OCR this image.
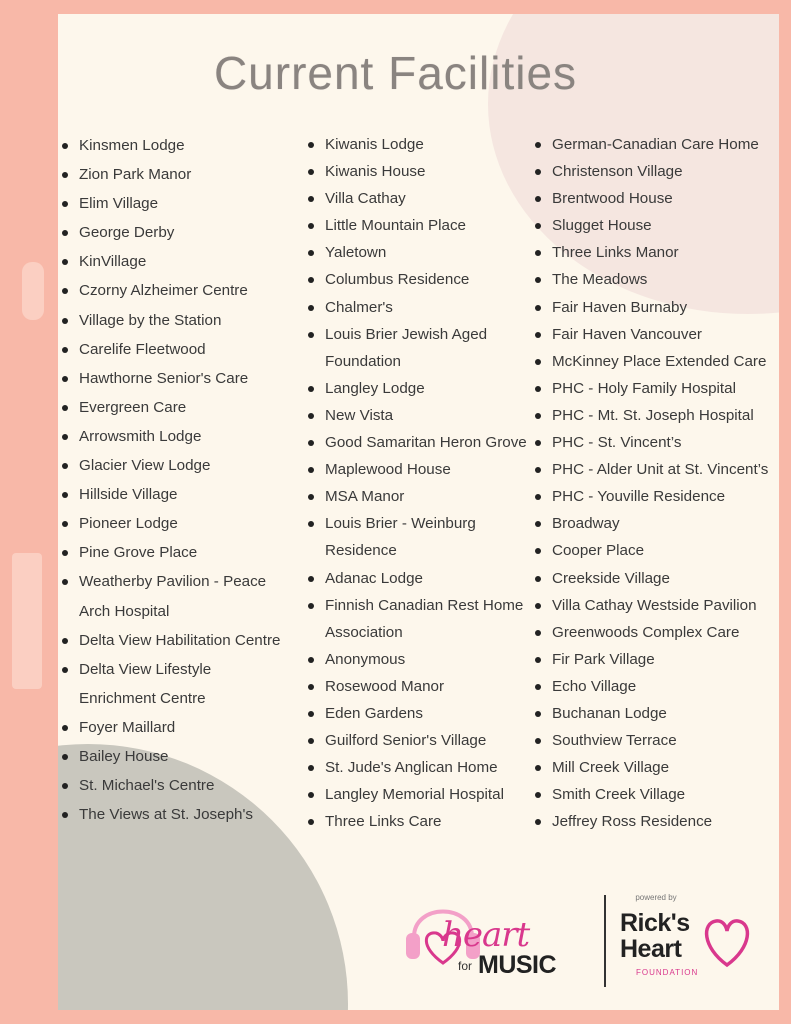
Current Facilities
Kinsmen Lodge
Zion Park Manor
Elim Village
George Derby
KinVillage
Czorny Alzheimer Centre
Village by the Station
Carelife Fleetwood
Hawthorne Senior's Care
Evergreen Care
Arrowsmith Lodge
Glacier View Lodge
Hillside Village
Pioneer Lodge
Pine Grove Place
Weatherby Pavilion - Peace
Arch Hospital
Delta View Habilitation Centre
Delta View Lifestyle
Enrichment Centre
Foyer Maillard
Bailey House
St. Michael's Centre
The Views at St. Joseph's
Kiwanis Lodge
Kiwanis House
Villa Cathay
Little Mountain Place
Yaletown
Columbus Residence
Chalmer's
Louis Brier Jewish Aged
Foundation
Langley Lodge
New Vista
Good Samaritan Heron Grove
Maplewood House
MSA Manor
Louis Brier - Weinburg
Residence
Adanac Lodge
Finnish Canadian Rest Home
Association
Anonymous
Rosewood Manor
Eden Gardens
Guilford Senior's Village
St. Jude's Anglican Home
Langley Memorial Hospital
Three Links Care
German-Canadian Care Home
Christenson Village
Brentwood House
Slugget House
Three Links Manor
The Meadows
Fair Haven Burnaby
Fair Haven Vancouver
McKinney Place Extended Care
PHC - Holy Family Hospital
PHC - Mt. St. Joseph Hospital
PHC - St. Vincent’s
PHC - Alder Unit at St. Vincent’s
PHC - Youville Residence
Broadway
Cooper Place
Creekside Village
Villa Cathay Westside Pavilion
Greenwoods Complex Care
Fir Park Village
Echo Village
Buchanan Lodge
Southview Terrace
Mill Creek Village
Smith Creek Village
Jeffrey Ross Residence
heart
for MUSIC
powered by
Rick's
Heart
FOUNDATION
